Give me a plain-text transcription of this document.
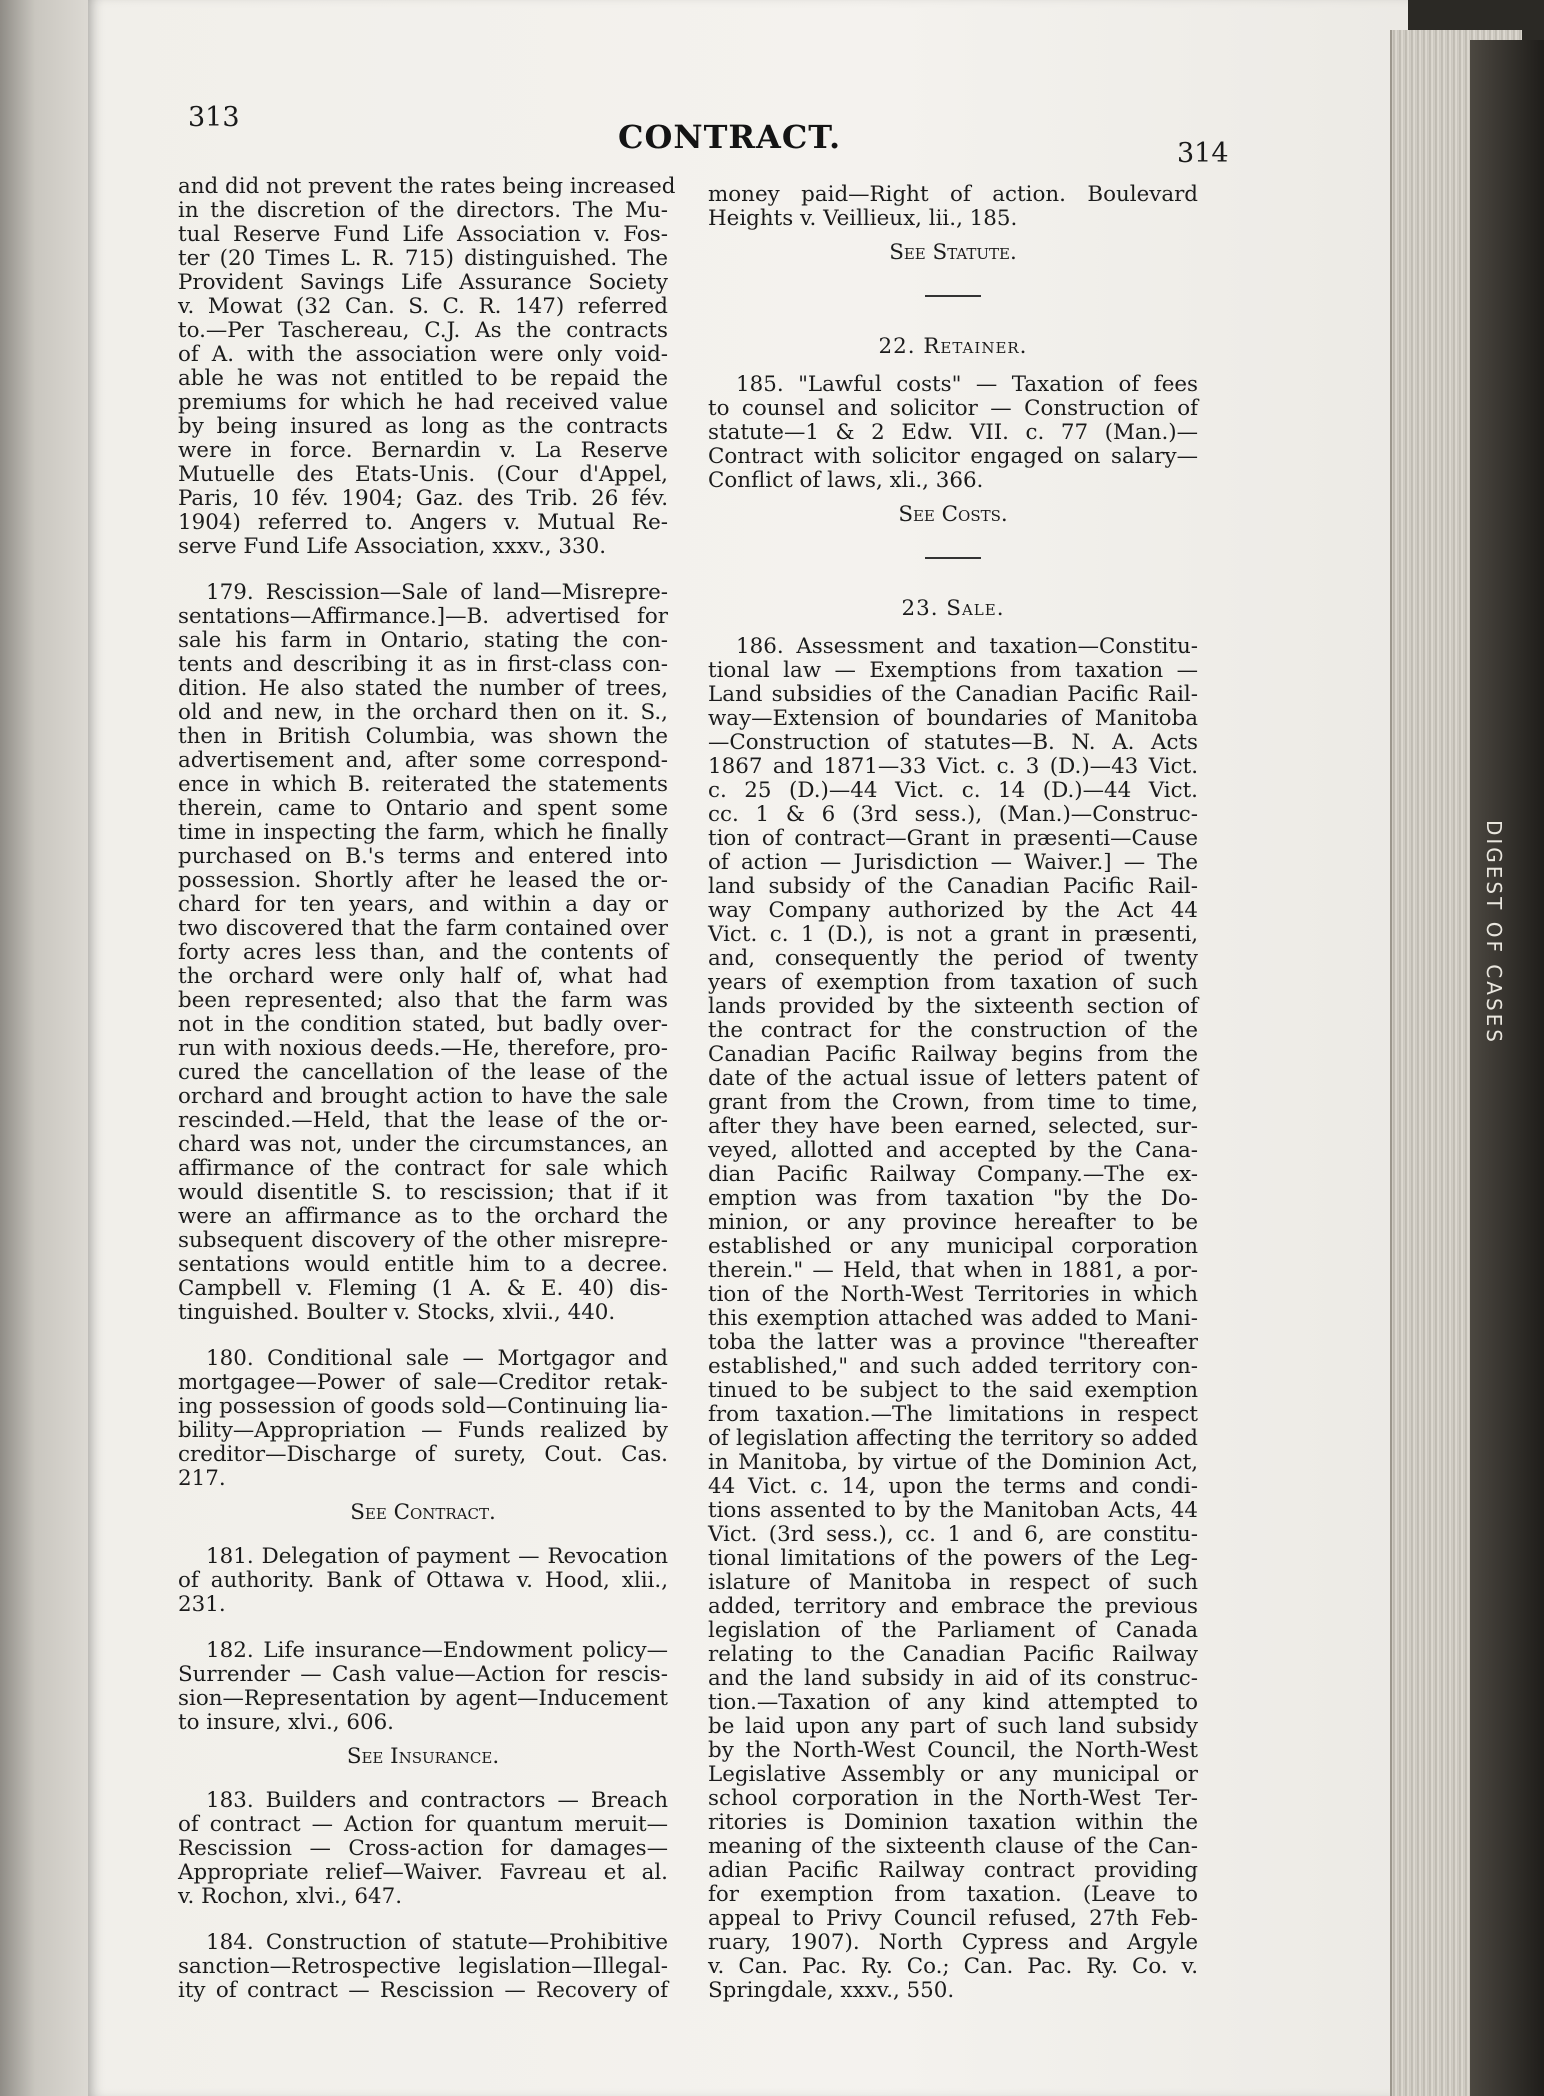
DIGEST OF CASES
313
CONTRACT.	314
and did not prevent the rates being increased
in the discretion of the directors. The Mu-
tual Reserve Fund Life Association v. Fos-
ter (20 Times L. R. 715) distinguished. The
Provident Savings Life Assurance Society
v. Mowat (32 Can. S. C. R. 147) referred
to.—Per Taschereau, C.J. As the contracts
of A. with the association were only void-
able he was not entitled to be repaid the
premiums for which he had received value
by being insured as long as the contracts
were in force. Bernardin v. La Reserve
Mutuelle des Etats-Unis. (Cour d'Appel,
Paris, 10 fév. 1904; Gaz. des Trib. 26 fév.
1904) referred to. Angers v. Mutual Re-
serve Fund Life Association, xxxv., 330.
179. Rescission—Sale of land—Misrepre-
sentations—Affirmance.]—B. advertised for
sale his farm in Ontario, stating the con-
tents and describing it as in first-class con-
dition. He also stated the number of trees,
old and new, in the orchard then on it. S.,
then in British Columbia, was shown the
advertisement and, after some correspond-
ence in which B. reiterated the statements
therein, came to Ontario and spent some
time in inspecting the farm, which he finally
purchased on B.'s terms and entered into
possession. Shortly after he leased the or-
chard for ten years, and within a day or
two discovered that the farm contained over
forty acres less than, and the contents of
the orchard were only half of, what had
been represented; also that the farm was
not in the condition stated, but badly over-
run with noxious deeds.—He, therefore, pro-
cured the cancellation of the lease of the
orchard and brought action to have the sale
rescinded.—Held, that the lease of the or-
chard was not, under the circumstances, an
affirmance of the contract for sale which
would disentitle S. to rescission; that if it
were an affirmance as to the orchard the
subsequent discovery of the other misrepre-
sentations would entitle him to a decree.
Campbell v. Fleming (1 A. & E. 40) dis-
tinguished. Boulter v. Stocks, xlvii., 440.
180. Conditional sale — Mortgagor and
mortgagee—Power of sale—Creditor retak-
ing possession of goods sold—Continuing lia-
bility—Appropriation — Funds realized by
creditor—Discharge of surety, Cout. Cas.
217.
See Contract.
181. Delegation of payment — Revocation
of authority. Bank of Ottawa v. Hood, xlii.,
231.
182. Life insurance—Endowment policy—
Surrender — Cash value—Action for rescis-
sion—Representation by agent—Inducement
to insure, xlvi., 606.
See Insurance.
183. Builders and contractors — Breach
of contract — Action for quantum meruit—
Rescission — Cross-action for damages—
Appropriate relief—Waiver. Favreau et al.
v. Rochon, xlvi., 647.
184. Construction of statute—Prohibitive
sanction—Retrospective legislation—Illegal-
ity of contract — Rescission — Recovery of
money paid—Right of action. Boulevard
Heights v. Veillieux, lii., 185.
See Statute.
22. Retainer.
185. "Lawful costs" — Taxation of fees
to counsel and solicitor — Construction of
statute—1 & 2 Edw. VII. c. 77 (Man.)—
Contract with solicitor engaged on salary—
Conflict of laws, xli., 366.
See Costs.
23. Sale.
186. Assessment and taxation—Constitu-
tional law — Exemptions from taxation —
Land subsidies of the Canadian Pacific Rail-
way—Extension of boundaries of Manitoba
—Construction of statutes—B. N. A. Acts
1867 and 1871—33 Vict. c. 3 (D.)—43 Vict.
c. 25 (D.)—44 Vict. c. 14 (D.)—44 Vict.
cc. 1 & 6 (3rd sess.), (Man.)—Construc-
tion of contract—Grant in præsenti—Cause
of action — Jurisdiction — Waiver.] — The
land subsidy of the Canadian Pacific Rail-
way Company authorized by the Act 44
Vict. c. 1 (D.), is not a grant in præsenti,
and, consequently the period of twenty
years of exemption from taxation of such
lands provided by the sixteenth section of
the contract for the construction of the
Canadian Pacific Railway begins from the
date of the actual issue of letters patent of
grant from the Crown, from time to time,
after they have been earned, selected, sur-
veyed, allotted and accepted by the Cana-
dian Pacific Railway Company.—The ex-
emption was from taxation "by the Do-
minion, or any province hereafter to be
established or any municipal corporation
therein." — Held, that when in 1881, a por-
tion of the North-West Territories in which
this exemption attached was added to Mani-
toba the latter was a province "thereafter
established," and such added territory con-
tinued to be subject to the said exemption
from taxation.—The limitations in respect
of legislation affecting the territory so added
in Manitoba, by virtue of the Dominion Act,
44 Vict. c. 14, upon the terms and condi-
tions assented to by the Manitoban Acts, 44
Vict. (3rd sess.), cc. 1 and 6, are constitu-
tional limitations of the powers of the Leg-
islature of Manitoba in respect of such
added, territory and embrace the previous
legislation of the Parliament of Canada
relating to the Canadian Pacific Railway
and the land subsidy in aid of its construc-
tion.—Taxation of any kind attempted to
be laid upon any part of such land subsidy
by the North-West Council, the North-West
Legislative Assembly or any municipal or
school corporation in the North-West Ter-
ritories is Dominion taxation within the
meaning of the sixteenth clause of the Can-
adian Pacific Railway contract providing
for exemption from taxation. (Leave to
appeal to Privy Council refused, 27th Feb-
ruary, 1907). North Cypress and Argyle
v. Can. Pac. Ry. Co.; Can. Pac. Ry. Co. v.
Springdale, xxxv., 550.
